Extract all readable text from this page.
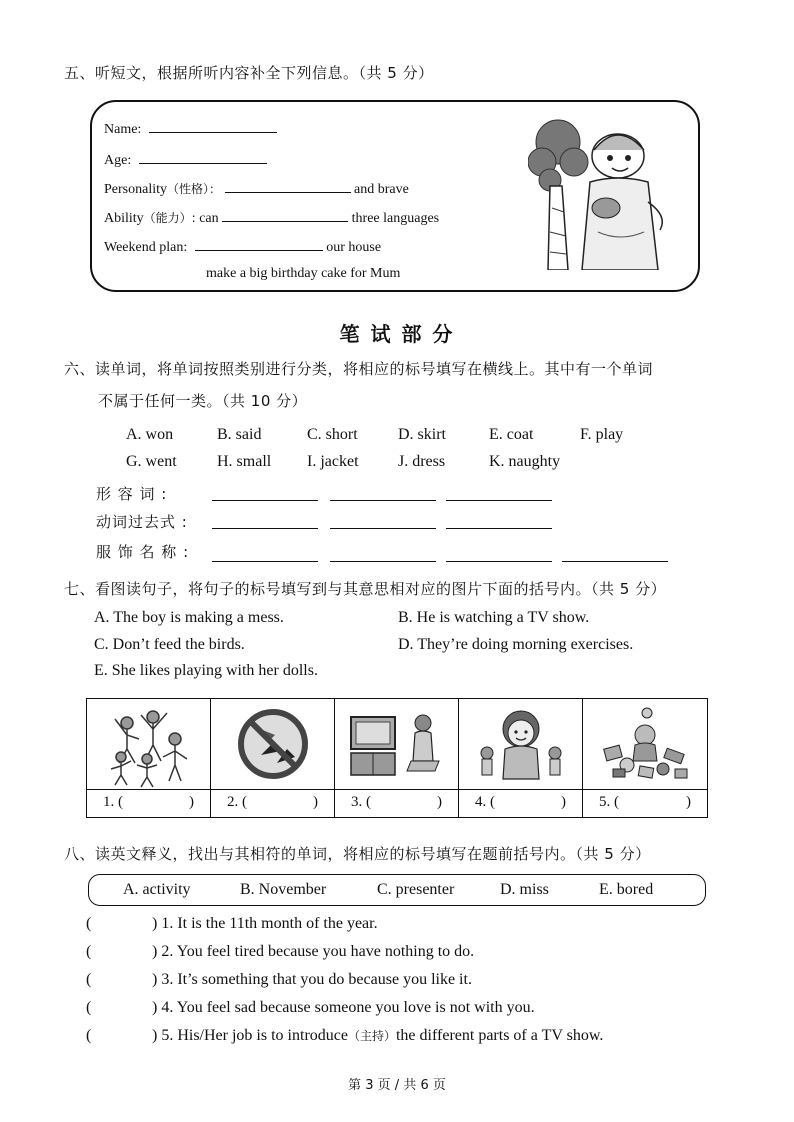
五、听短文，根据所听内容补全下列信息。（共 5 分）
Name:
Age:
Personality（性格）：	and brave
Ability（能力）: can	three languages
Weekend plan:	our house
make a big birthday cake for Mum
笔 试 部 分
六、读单词，将单词按照类别进行分类，将相应的标号填写在横线上。其中有一个单词
不属于任何一类。（共 10 分）
A. won	B. said	C. short	D. skirt	E. coat	F. play
G. went	H. small I. jacket J. dress	K. naughty
形 容 词 :
动词过去式 :
服 饰 名 称 :
七、看图读句子，将句子的标号填写到与其意思相对应的图片下面的括号内。（共 5 分）
A. The boy is making a mess.	B. He is watching a TV show.
C. Don’t feed the birds.	D. They’re doing morning exercises.
E. She likes playing with her dolls.
1. (	)	2. (	)	3. (	)	4. (	)	5. (	)
八、读英文释义，找出与其相符的单词，将相应的标号填写在题前括号内。（共 5 分）
A. activity	B. November	C. presenter	D. miss	E. bored
(	) 1. It is the 11th month of the year.
(	) 2. You feel tired because you have nothing to do.
(	) 3. It’s something that you do because you like it.
(	) 4. You feel sad because someone you love is not with you.
(	) 5. His/Her job is to introduce（主持）the different parts of a TV show.
第 3 页 / 共 6 页
